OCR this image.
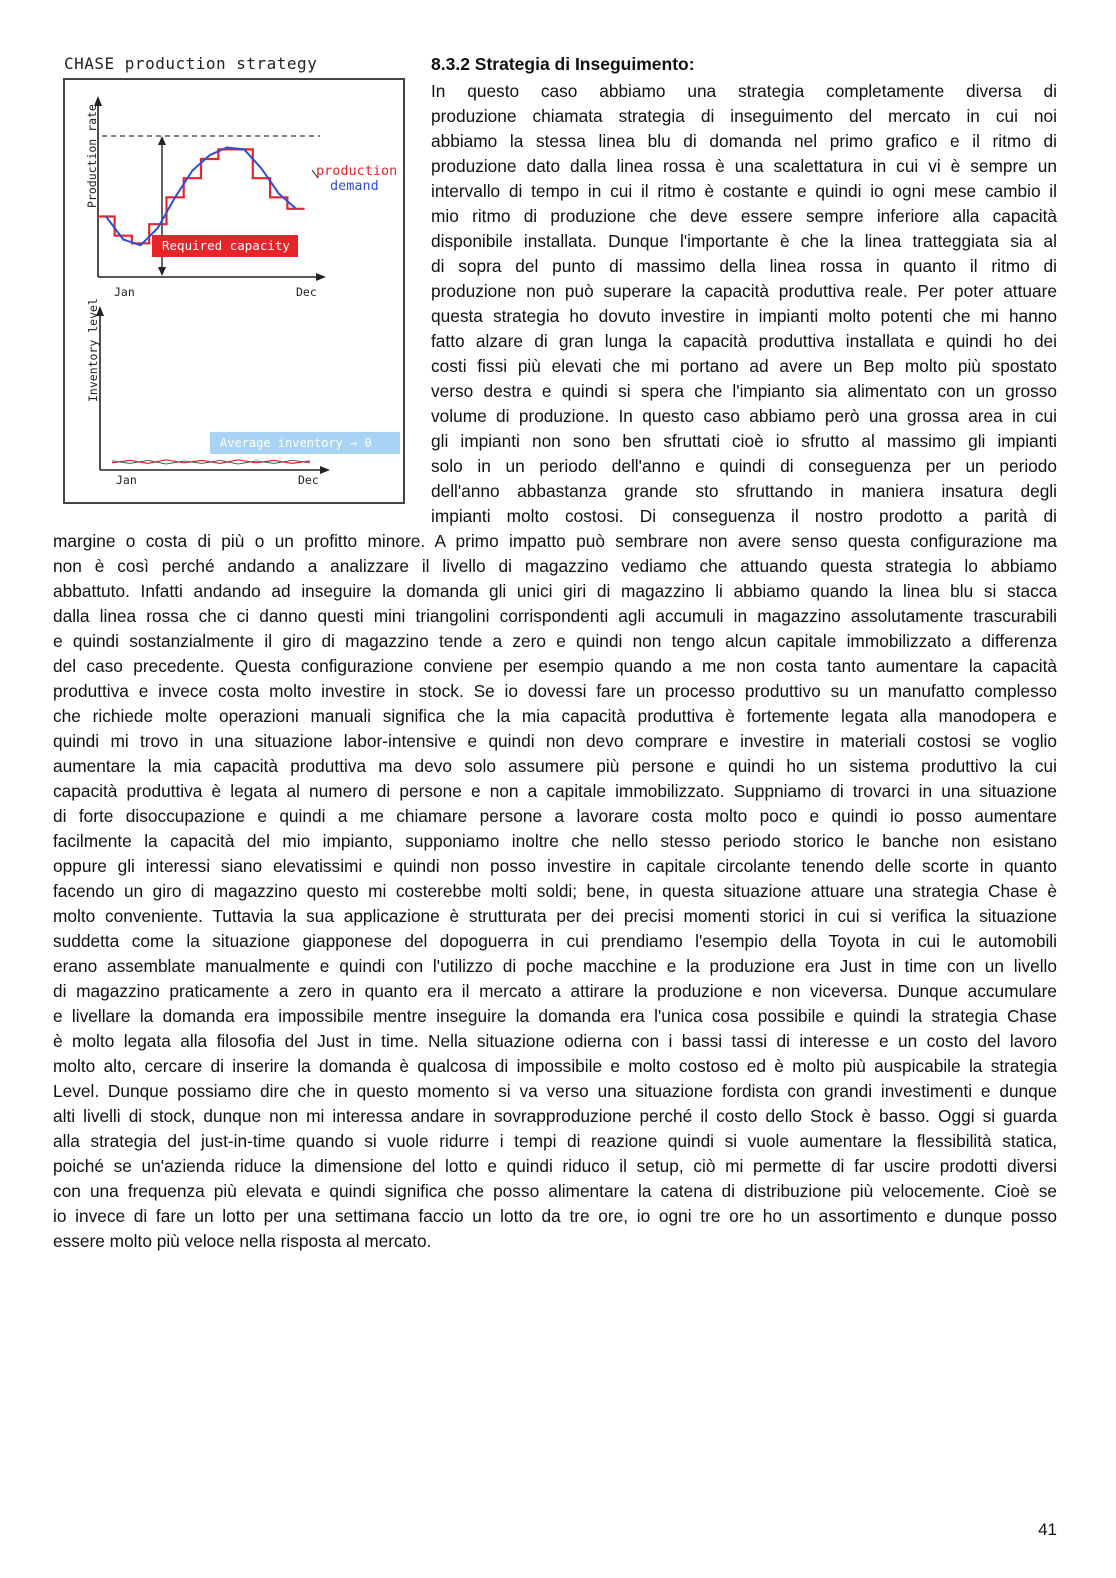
CHASE production strategy
production
demand
Required capacity
Production rate
Jan	Dec
Inventory level
Average inventory → 0
Jan	Dec
8.3.2 Strategia di Inseguimento:
In questo caso abbiamo una strategia completamente diversa di
produzione chiamata strategia di inseguimento del mercato in cui noi
abbiamo la stessa linea blu di domanda nel primo grafico e il ritmo di
produzione dato dalla linea rossa è una scalettatura in cui vi è sempre un
intervallo di tempo in cui il ritmo è costante e quindi io ogni mese cambio il
mio ritmo di produzione che deve essere sempre inferiore alla capacità
disponibile installata. Dunque l'importante è che la linea tratteggiata sia al
di sopra del punto di massimo della linea rossa in quanto il ritmo di
produzione non può superare la capacità produttiva reale. Per poter attuare
questa strategia ho dovuto investire in impianti molto potenti che mi hanno
fatto alzare di gran lunga la capacità produttiva installata e quindi ho dei
costi fissi più elevati che mi portano ad avere un Bep molto più spostato
verso destra e quindi si spera che l'impianto sia alimentato con un grosso
volume di produzione. In questo caso abbiamo però una grossa area in cui
gli impianti non sono ben sfruttati cioè io sfrutto al massimo gli impianti
solo in un periodo dell'anno e quindi di conseguenza per un periodo
dell'anno abbastanza grande sto sfruttando in maniera insatura degli
impianti molto costosi. Di conseguenza il nostro prodotto a parità di
margine o costa di più o un profitto minore. A primo impatto può sembrare non avere senso questa configurazione ma
non è così perché andando a analizzare il livello di magazzino vediamo che attuando questa strategia lo abbiamo
abbattuto. Infatti andando ad inseguire la domanda gli unici giri di magazzino li abbiamo quando la linea blu si stacca
dalla linea rossa che ci danno questi mini triangolini corrispondenti agli accumuli in magazzino assolutamente trascurabili
e quindi sostanzialmente il giro di magazzino tende a zero e quindi non tengo alcun capitale immobilizzato a differenza
del caso precedente. Questa configurazione conviene per esempio quando a me non costa tanto aumentare la capacità
produttiva e invece costa molto investire in stock. Se io dovessi fare un processo produttivo su un manufatto complesso
che richiede molte operazioni manuali significa che la mia capacità produttiva è fortemente legata alla manodopera e
quindi mi trovo in una situazione labor-intensive e quindi non devo comprare e investire in materiali costosi se voglio
aumentare la mia capacità produttiva ma devo solo assumere più persone e quindi ho un sistema produttivo la cui
capacità produttiva è legata al numero di persone e non a capitale immobilizzato. Suppniamo di trovarci in una situazione
di forte disoccupazione e quindi a me chiamare persone a lavorare costa molto poco e quindi io posso aumentare
facilmente la capacità del mio impianto, supponiamo inoltre che nello stesso periodo storico le banche non esistano
oppure gli interessi siano elevatissimi e quindi non posso investire in capitale circolante tenendo delle scorte in quanto
facendo un giro di magazzino questo mi costerebbe molti soldi; bene, in questa situazione attuare una strategia Chase è
molto conveniente. Tuttavia la sua applicazione è strutturata per dei precisi momenti storici in cui si verifica la situazione
suddetta come la situazione giapponese del dopoguerra in cui prendiamo l'esempio della Toyota in cui le automobili
erano assemblate manualmente e quindi con l'utilizzo di poche macchine e la produzione era Just in time con un livello
di magazzino praticamente a zero in quanto era il mercato a attirare la produzione e non viceversa. Dunque accumulare
e livellare la domanda era impossibile mentre inseguire la domanda era l'unica cosa possibile e quindi la strategia Chase
è molto legata alla filosofia del Just in time. Nella situazione odierna con i bassi tassi di interesse e un costo del lavoro
molto alto, cercare di inserire la domanda è qualcosa di impossibile e molto costoso ed è molto più auspicabile la strategia
Level. Dunque possiamo dire che in questo momento si va verso una situazione fordista con grandi investimenti e dunque
alti livelli di stock, dunque non mi interessa andare in sovrapproduzione perché il costo dello Stock è basso. Oggi si guarda
alla strategia del just-in-time quando si vuole ridurre i tempi di reazione quindi si vuole aumentare la flessibilità statica,
poiché se un'azienda riduce la dimensione del lotto e quindi riduco il setup, ciò mi permette di far uscire prodotti diversi
con una frequenza più elevata e quindi significa che posso alimentare la catena di distribuzione più velocemente. Cioè se
io invece di fare un lotto per una settimana faccio un lotto da tre ore, io ogni tre ore ho un assortimento e dunque posso
essere molto più veloce nella risposta al mercato.
41
